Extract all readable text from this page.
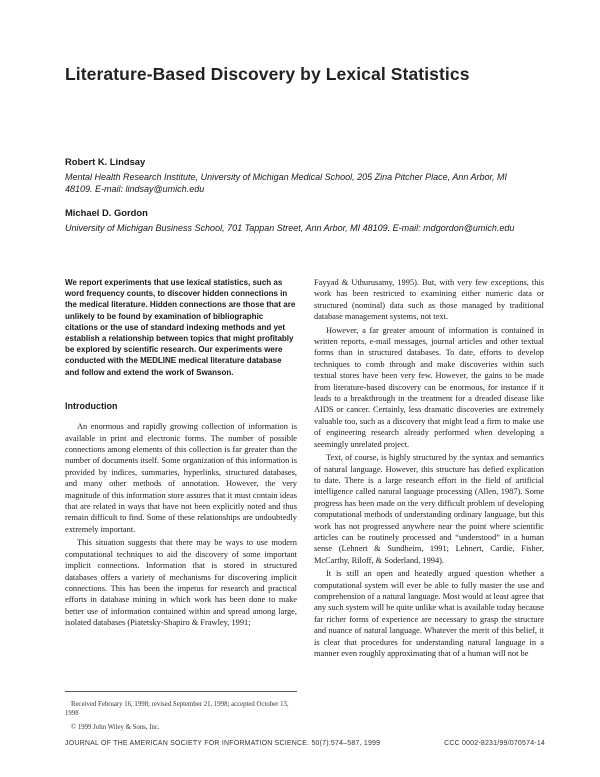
Literature-Based Discovery by Lexical Statistics
Robert K. Lindsay
Mental Health Research Institute, University of Michigan Medical School, 205 Zina Pitcher Place, Ann Arbor, MI 48109. E-mail: lindsay@umich.edu
Michael D. Gordon
University of Michigan Business School, 701 Tappan Street, Ann Arbor, MI 48109. E-mail: mdgordon@umich.edu

We report experiments that use lexical statistics, such as word frequency counts, to discover hidden connections in the medical literature. Hidden connections are those that are unlikely to be found by examination of bibliographic citations or the use of standard indexing methods and yet establish a relationship between topics that might profitably be explored by scientific research. Our experiments were conducted with the MEDLINE medical literature database and follow and extend the work of Swanson.

Introduction

An enormous and rapidly growing collection of information is available in print and electronic forms. The number of possible connections among elements of this collection is far greater than the number of documents itself. Some organization of this information is provided by indices, summaries, hyperlinks, structured databases, and many other methods of annotation. However, the very magnitude of this information store assures that it must contain ideas that are related in ways that have not been explicitly noted and thus remain difficult to find. Some of these relationships are undoubtedly extremely important.

This situation suggests that there may be ways to use modern computational techniques to aid the discovery of some important implicit connections. Information that is stored in structured databases offers a variety of mechanisms for discovering implicit connections. This has been the impetus for research and practical efforts in database mining in which work has been done to make better use of information contained within and spread among large, isolated databases (Piatetsky-Shapiro & Frawley, 1991;

Fayyad & Uthurusamy, 1995). But, with very few exceptions, this work has been restricted to examining either numeric data or structured (nominal) data such as those managed by traditional database management systems, not text.

However, a far greater amount of information is contained in written reports, e-mail messages, journal articles and other textual forms than in structured databases. To date, efforts to develop techniques to comb through and make discoveries within such textual stores have been very few. However, the gains to be made from literature-based discovery can be enormous, for instance if it leads to a breakthrough in the treatment for a dreaded disease like AIDS or cancer. Certainly, less dramatic discoveries are extremely valuable too, such as a discovery that might lead a firm to make use of engineering research already performed when developing a seemingly unrelated project.

Text, of course, is highly structured by the syntax and semantics of natural language. However, this structure has defied explication to date. There is a large research effort in the field of artificial intelligence called natural language processing (Allen, 1987). Some progress has been made on the very difficult problem of developing computational methods of understanding ordinary language, but this work has not progressed anywhere near the point where scientific articles can be routinely processed and “understood” in a human sense (Lehnert & Sundheim, 1991; Lehnert, Cardie, Fisher, McCarthy, Riloff, & Soderland, 1994).

It is still an open and heatedly argued question whether a computational system will ever be able to fully master the use and comprehension of a natural language. Most would at least agree that any such system will be quite unlike what is available today because far richer forms of experience are necessary to grasp the structure and nuance of natural language. Whatever the merit of this belief, it is clear that procedures for understanding natural language in a manner even roughly approximating that of a human will not be

Received February 16, 1998; revised September 21, 1998; accepted October 13, 1998
© 1999 John Wiley & Sons, Inc.
JOURNAL OF THE AMERICAN SOCIETY FOR INFORMATION SCIENCE. 50(7):574–587, 1999	CCC 0002-8231/99/070574-14
